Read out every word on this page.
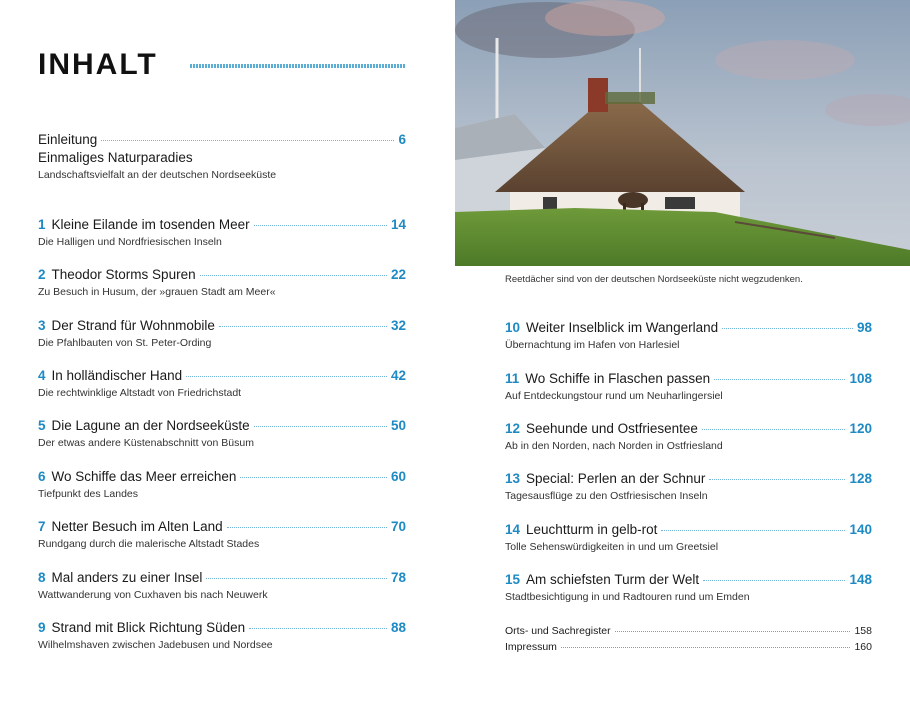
INHALT
Einleitung	6
Einmaliges Naturparadies
Landschaftsvielfalt an der deutschen Nordseeküste
1 Kleine Eilande im tosenden Meer	14
Die Halligen und Nordfriesischen Inseln
2 Theodor Storms Spuren	22
Zu Besuch in Husum, der »grauen Stadt am Meer«
3 Der Strand für Wohnmobile	32
Die Pfahlbauten von St. Peter-Ording
4 In holländischer Hand	42
Die rechtwinklige Altstadt von Friedrichstadt
5 Die Lagune an der Nordseeküste	50
Der etwas andere Küstenabschnitt von Büsum
6 Wo Schiffe das Meer erreichen	60
Tiefpunkt des Landes
7 Netter Besuch im Alten Land	70
Rundgang durch die malerische Altstadt Stades
8 Mal anders zu einer Insel	78
Wattwanderung von Cuxhaven bis nach Neuwerk
9 Strand mit Blick Richtung Süden	88
Wilhelmshaven zwischen Jadebusen und Nordsee
Reetdächer sind von der deutschen Nordseeküste nicht wegzudenken.
10 Weiter Inselblick im Wangerland	98
Übernachtung im Hafen von Harlesiel
11 Wo Schiffe in Flaschen passen	108
Auf Entdeckungstour rund um Neuharlingersiel
12 Seehunde und Ostfriesentee	120
Ab in den Norden, nach Norden in Ostfriesland
13 Special: Perlen an der Schnur	128
Tagesausflüge zu den Ostfriesischen Inseln
14 Leuchtturm in gelb-rot	140
Tolle Sehenswürdigkeiten in und um Greetsiel
15 Am schiefsten Turm der Welt	148
Stadtbesichtigung in und Radtouren rund um Emden
Orts- und Sachregister	158
Impressum	160
